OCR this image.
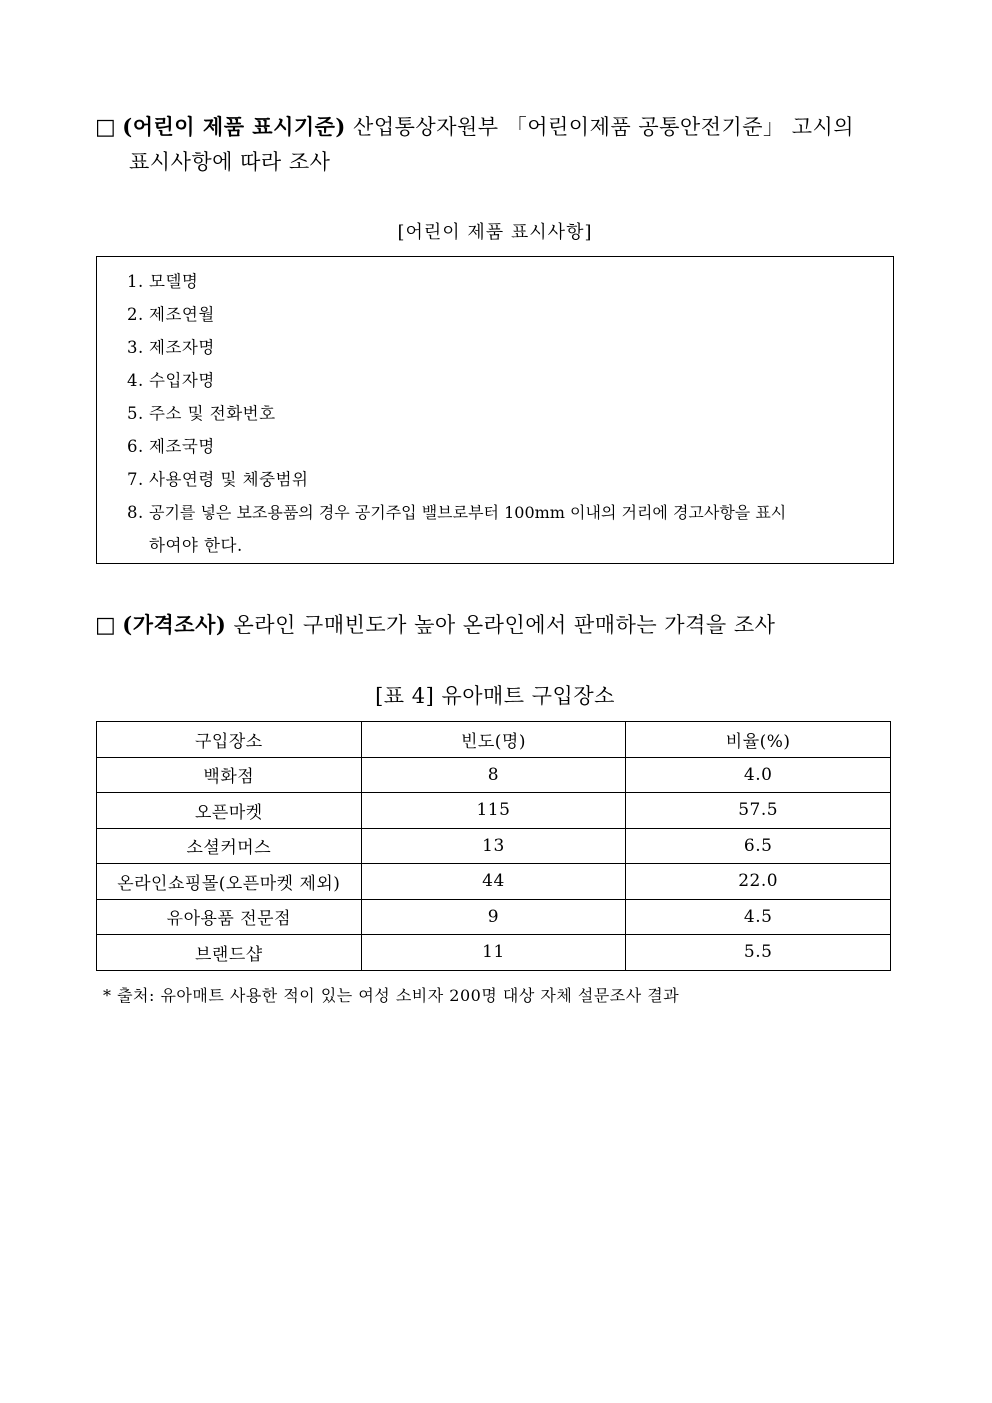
□ (어린이 제품 표시기준) 산업통상자원부 「어린이제품 공통안전기준」 고시의
표시사항에 따라 조사
[어린이 제품 표시사항]
1. 모델명
2. 제조연월
3. 제조자명
4. 수입자명
5. 주소 및 전화번호
6. 제조국명
7. 사용연령 및 체중범위
8. 공기를 넣은 보조용품의 경우 공기주입 밸브로부터 100mm 이내의 거리에 경고사항을 표시
하여야 한다.
□ (가격조사) 온라인 구매빈도가 높아 온라인에서 판매하는 가격을 조사
[표 4] 유아매트 구입장소
구입장소	빈도(명)	비율(%)
백화점	8	4.0
오픈마켓	115	57.5
소셜커머스	13	6.5
온라인쇼핑몰(오픈마켓 제외)	44	22.0
유아용품 전문점	9	4.5
브랜드샵	11	5.5
* 출처: 유아매트 사용한 적이 있는 여성 소비자 200명 대상 자체 설문조사 결과
